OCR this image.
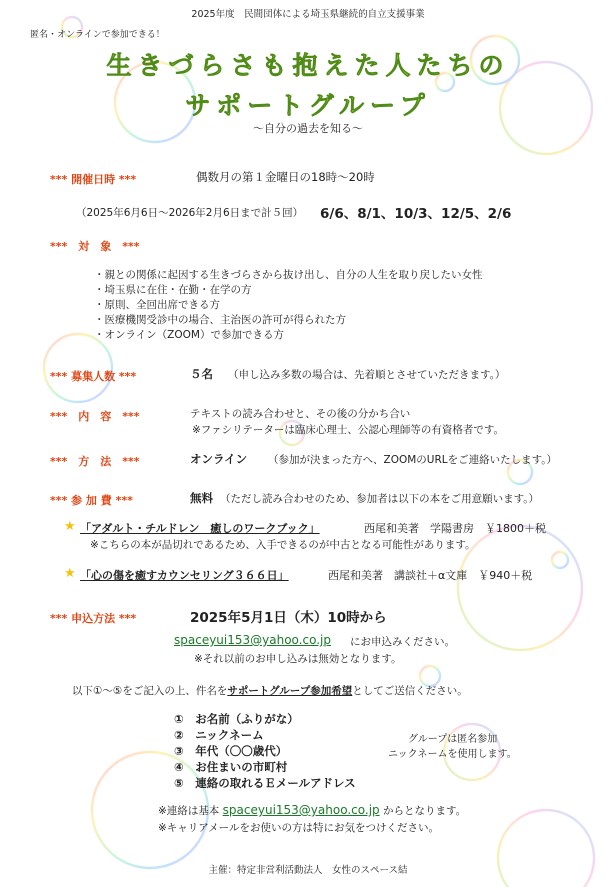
2025年度　民間団体による埼玉県継続的自立支援事業
匿名・オンラインで参加できる！
生きづらさも抱えた人たちの
サポートグループ
～自分の過去を知る～
*** 開催日時 ***	偶数月の第１金曜日の18時～20時
（2025年6月6日～2026年2月6日まで計５回） 6/6、8/1、10/3、12/5、2/6
***　対　象　***
・親との関係に起因する生きづらさから抜け出し、自分の人生を取り戻したい女性
・埼玉県に在住・在勤・在学の方
・原則、全回出席できる方
・医療機関受診中の場合、主治医の許可が得られた方
・オンライン（ZOOM）で参加できる方
*** 募集人数 ***	５名 （申し込み多数の場合は、先着順とさせていただきます。）
***　内　容　***	テキストの読み合わせと、その後の分かち合い
※ファシリテーターは臨床心理士、公認心理師等の有資格者です。
***　方　法　***	オンライン （参加が決まった方へ、ZOOMのURLをご連絡いたします。）
*** 参 加 費 ***	無料 （ただし読み合わせのため、参加者は以下の本をご用意願います。）
★ 「アダルト・チルドレン　癒しのワークブック」	西尾和美著　学陽書房　￥1800＋税
※こちらの本が品切れであるため、入手できるのが中古となる可能性があります。
★ 「心の傷を癒すカウンセリング３６６日」	西尾和美著　講談社＋α文庫　￥940＋税
*** 申込方法 ***	2025年5月1日（木）10時から
spaceyui153@yahoo.co.jp にお申込みください。
※それ以前のお申し込みは無効となります。
以下①～⑤をご記入の上、件名をサポートグループ参加希望としてご送信ください。
①　 お名前（ふりがな）
②　 ニックネーム
③　 年代（〇〇歳代）
④　 お住まいの市町村
⑤　 連絡の取れるＥメールアドレス
グループは匿名参加
ニックネームを使用します。
※連絡は基本 spaceyui153@yahoo.co.jp からとなります。
※キャリアメールをお使いの方は特にお気をつけください。
主催：特定非営利活動法人　女性のスペース結
